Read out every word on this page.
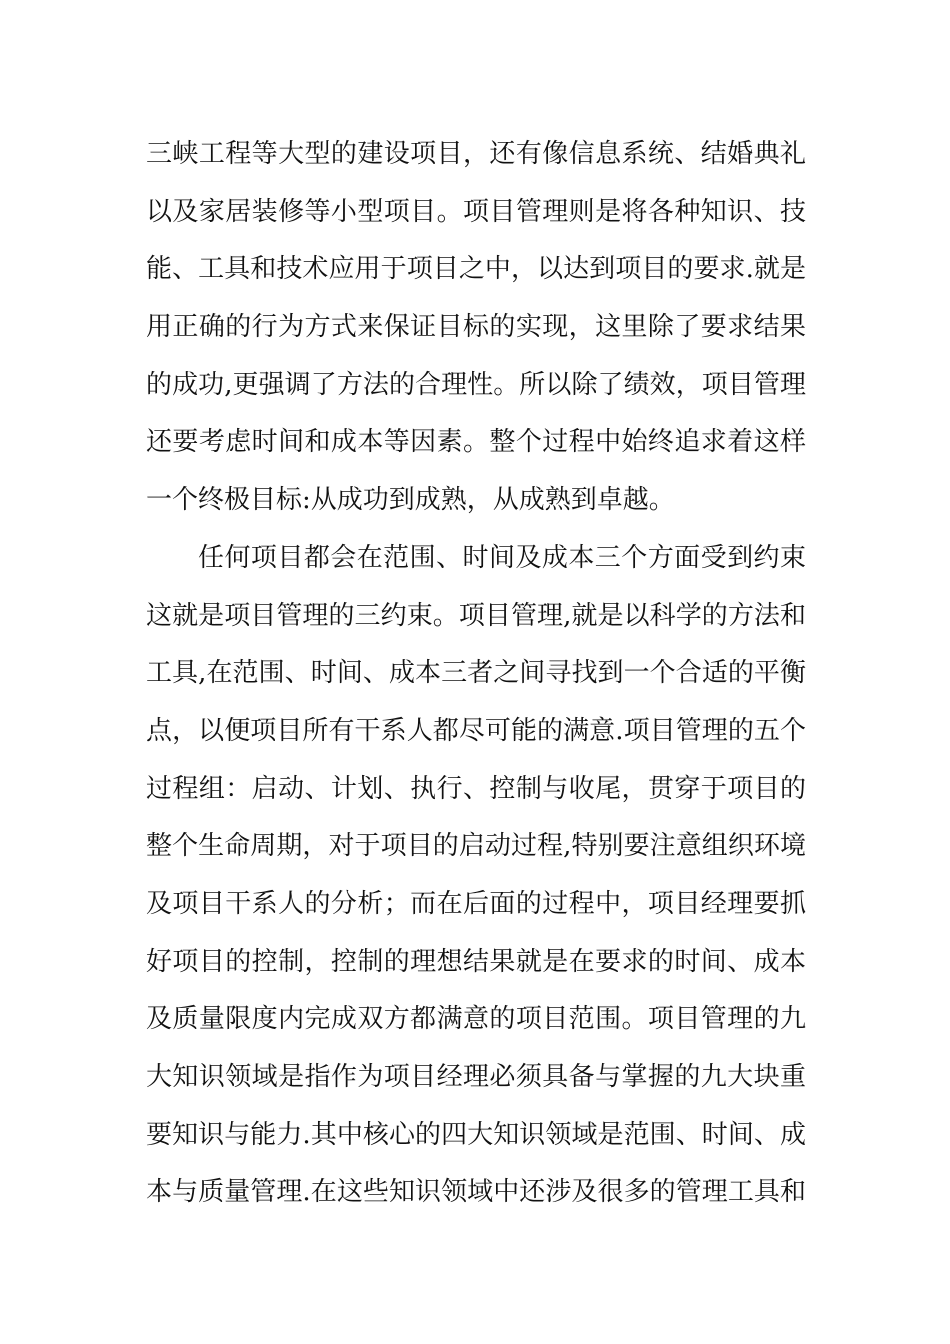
三峡工程等大型的建设项目，还有像信息系统、结婚典礼
以及家居装修等小型项目。项目管理则是将各种知识、技
能、工具和技术应用于项目之中，以达到项目的要求.就是
用正确的行为方式来保证目标的实现，这里除了要求结果
的成功,更强调了方法的合理性。所以除了绩效，项目管理
还要考虑时间和成本等因素。整个过程中始终追求着这样
一个终极目标:从成功到成熟，从成熟到卓越。
任何项目都会在范围、时间及成本三个方面受到约束
这就是项目管理的三约束。项目管理,就是以科学的方法和
工具,在范围、时间、成本三者之间寻找到一个合适的平衡
点，以便项目所有干系人都尽可能的满意.项目管理的五个
过程组：启动、计划、执行、控制与收尾，贯穿于项目的
整个生命周期，对于项目的启动过程,特别要注意组织环境
及项目干系人的分析；而在后面的过程中，项目经理要抓
好项目的控制，控制的理想结果就是在要求的时间、成本
及质量限度内完成双方都满意的项目范围。项目管理的九
大知识领域是指作为项目经理必须具备与掌握的九大块重
要知识与能力.其中核心的四大知识领域是范围、时间、成
本与质量管理.在这些知识领域中还涉及很多的管理工具和
